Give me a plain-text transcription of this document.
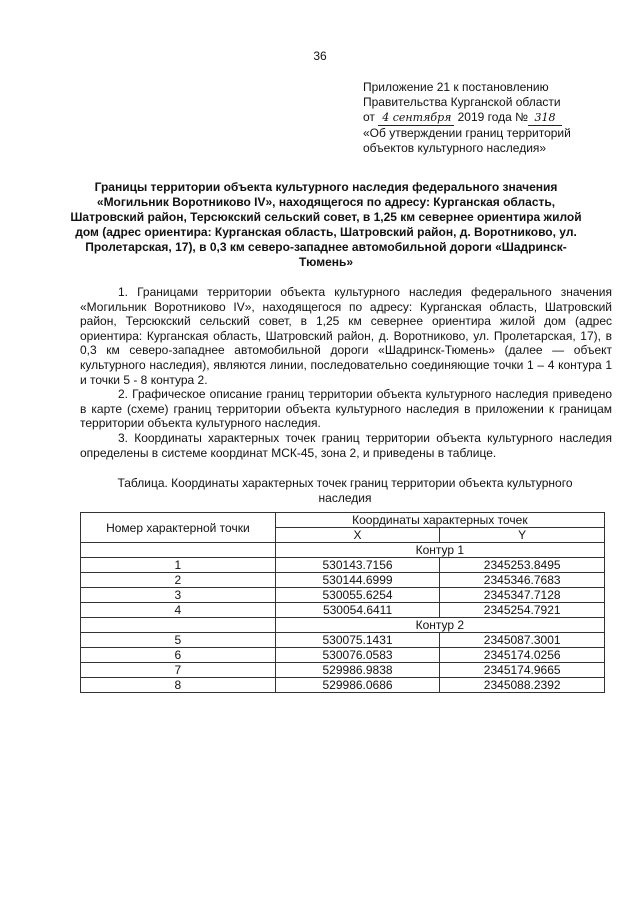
36
Приложение 21 к постановлению
Правительства Курганской области
от 4 сентября 2019 года № 318
«Об утверждении границ территорий
объектов культурного наследия»
Границы территории объекта культурного наследия федерального значения «Могильник Воротниково IV», находящегося по адресу: Курганская область, Шатровский район, Терсюкский сельский совет, в 1,25 км севернее ориентира жилой дом (адрес ориентира: Курганская область, Шатровский район, д. Воротниково, ул. Пролетарская, 17), в 0,3 км северо-западнее автомобильной дороги «Шадринск-Тюмень»

1. Границами территории объекта культурного наследия федерального значения «Могильник Воротниково IV», находящегося по адресу: Курганская область, Шатровский район, Терсюкский сельский совет, в 1,25 км севернее ориентира жилой дом (адрес ориентира: Курганская область, Шатровский район, д. Воротниково, ул. Пролетарская, 17), в 0,3 км северо-западнее автомобильной дороги «Шадринск-Тюмень» (далее — объект культурного наследия), являются линии, последовательно соединяющие точки 1 – 4 контура 1 и точки 5 - 8 контура 2.

2. Графическое описание границ территории объекта культурного наследия приведено в карте (схеме) границ территории объекта культурного наследия в приложении к границам территории объекта культурного наследия.

3. Координаты характерных точек границ территории объекта культурного наследия определены в системе координат МСК-45, зона 2, и приведены в таблице.

Таблица. Координаты характерных точек границ территории объекта культурного наследия
Номер характерной точки	Координаты характерных точек	
	X	Y
	Контур 1	
1	530143.7156	2345253.8495
2	530144.6999	2345346.7683
3	530055.6254	2345347.7128
4	530054.6411	2345254.7921
	Контур 2	
5	530075.1431	2345087.3001
6	530076.0583	2345174.0256
7	529986.9838	2345174.9665
8	529986.0686	2345088.2392
